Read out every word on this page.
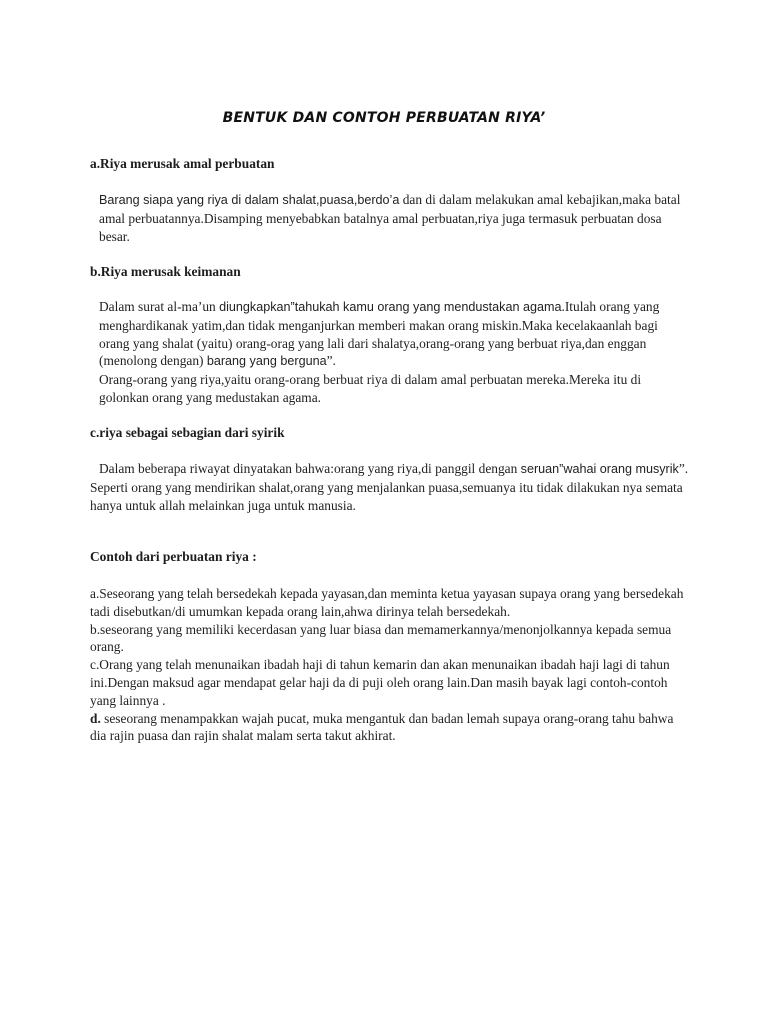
BENTUK DAN CONTOH PERBUATAN RIYA’

a.Riya merusak amal perbuatan

Barang siapa yang riya di dalam shalat,puasa,berdo’a dan di dalam melakukan amal kebajikan,maka batal amal perbuatannya.Disamping menyebabkan batalnya amal perbuatan,riya juga termasuk perbuatan dosa besar.

b.Riya merusak keimanan

Dalam surat al-ma’un diungkapkan”tahukah kamu orang yang mendustakan agama.Itulah orang yang menghardikanak yatim,dan tidak menganjurkan memberi makan orang miskin.Maka kecelakaanlah bagi orang yang shalat (yaitu) orang-orag yang lali dari shalatya,orang-orang yang berbuat riya,dan enggan (menolong dengan) barang yang berguna”.

Orang-orang yang riya,yaitu orang-orang berbuat riya di dalam amal perbuatan mereka.Mereka itu di golonkan orang yang medustakan agama.

c.riya sebagai sebagian dari syirik

Dalam beberapa riwayat dinyatakan bahwa:orang yang riya,di panggil dengan seruan”wahai orang musyrik”.

Seperti orang yang mendirikan shalat,orang yang menjalankan puasa,semuanya itu tidak dilakukan nya semata hanya untuk allah melainkan juga untuk manusia.

Contoh dari perbuatan riya :

a.Seseorang yang telah bersedekah kepada yayasan,dan meminta ketua yayasan supaya orang yang bersedekah tadi disebutkan/di umumkan kepada orang lain,ahwa dirinya telah bersedekah.

b.seseorang yang memiliki kecerdasan yang luar biasa dan memamerkannya/menonjolkannya kepada semua orang.

c.Orang yang telah menunaikan ibadah haji di tahun kemarin dan akan menunaikan ibadah haji lagi di tahun ini.Dengan maksud agar mendapat gelar haji da di puji oleh orang lain.Dan masih bayak lagi contoh-contoh yang lainnya .

d. seseorang menampakkan wajah pucat, muka mengantuk dan badan lemah supaya orang-orang tahu bahwa dia rajin puasa dan rajin shalat malam serta takut akhirat.
